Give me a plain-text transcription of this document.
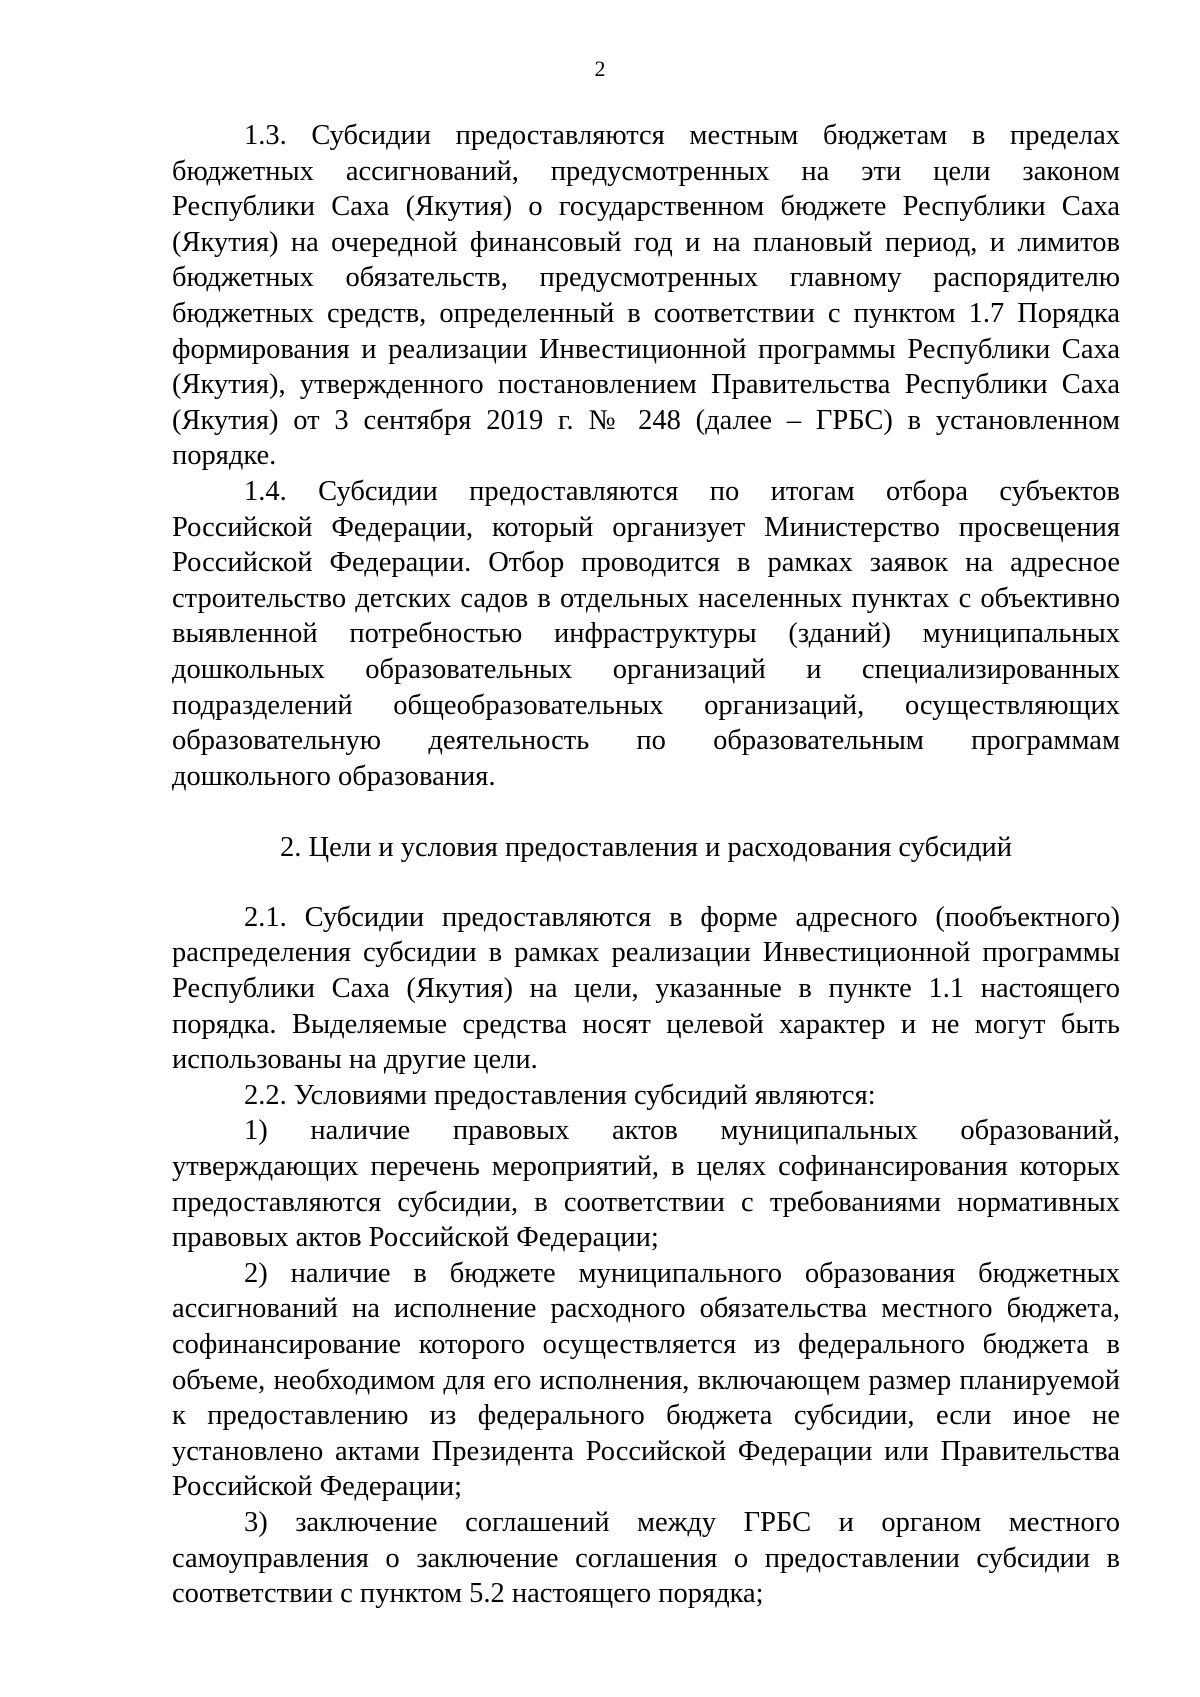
2

1.3. Субсидии предоставляются местным бюджетам в пределах бюджетных ассигнований, предусмотренных на эти цели законом Республики Саха (Якутия) о государственном бюджете Республики Саха (Якутия) на очередной финансовый год и на плановый период, и лимитов бюджетных обязательств, предусмотренных главному распорядителю бюджетных средств, определенный в соответствии с пунктом 1.7 Порядка формирования и реализации Инвестиционной программы Республики Саха (Якутия), утвержденного постановлением Правительства Республики Саха (Якутия) от 3 сентября 2019 г. № 248 (далее – ГРБС) в установленном порядке.

1.4. Субсидии предоставляются по итогам отбора субъектов Российской Федерации, который организует Министерство просвещения Российской Федерации. Отбор проводится в рамках заявок на адресное строительство детских садов в отдельных населенных пунктах с объективно выявленной потребностью инфраструктуры (зданий) муниципальных дошкольных образовательных организаций и специализированных подразделений общеобразовательных организаций, осуществляющих образовательную деятельность по образовательным программам дошкольного образования.

2. Цели и условия предоставления и расходования субсидий

2.1. Субсидии предоставляются в форме адресного (пообъектного) распределения субсидии в рамках реализации Инвестиционной программы Республики Саха (Якутия) на цели, указанные в пункте 1.1 настоящего порядка. Выделяемые средства носят целевой характер и не могут быть использованы на другие цели.

2.2. Условиями предоставления субсидий являются:

1) наличие правовых актов муниципальных образований, утверждающих перечень мероприятий, в целях софинансирования которых предоставляются субсидии, в соответствии с требованиями нормативных правовых актов Российской Федерации;

2) наличие в бюджете муниципального образования бюджетных ассигнований на исполнение расходного обязательства местного бюджета, софинансирование которого осуществляется из федерального бюджета в объеме, необходимом для его исполнения, включающем размер планируемой к предоставлению из федерального бюджета субсидии, если иное не установлено актами Президента Российской Федерации или Правительства Российской Федерации;

3) заключение соглашений между ГРБС и органом местного самоуправления о заключение соглашения о предоставлении субсидии в соответствии с пунктом 5.2 настоящего порядка;
